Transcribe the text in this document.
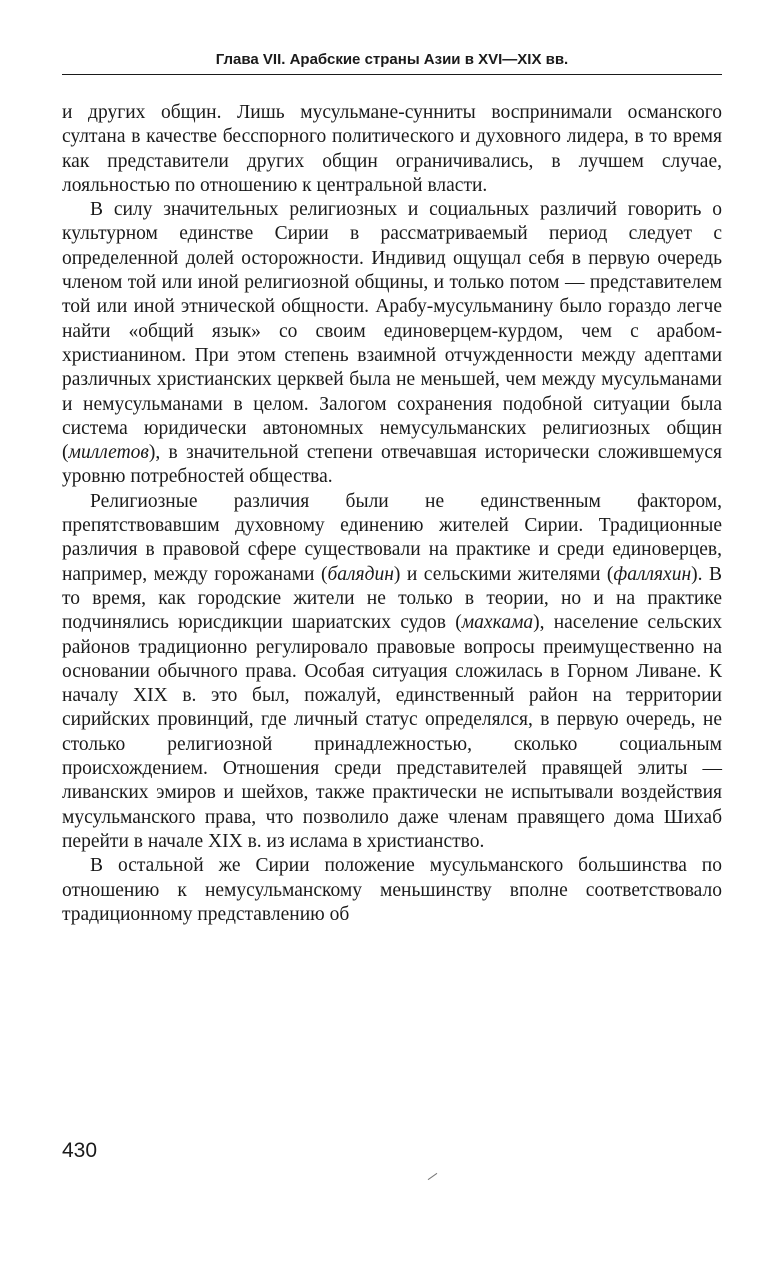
Глава VII. Арабские страны Азии в XVI—XIX вв.

и других общин. Лишь мусульмане-сунниты воспринимали османского султана в качестве бесспорного политического и духовного лидера, в то время как представители других общин ограничивались, в лучшем случае, лояльностью по отношению к центральной власти.

В силу значительных религиозных и социальных различий говорить о культурном единстве Сирии в рассматриваемый период следует с определенной долей осторожности. Индивид ощущал себя в первую очередь членом той или иной религиозной общины, и только потом — представителем той или иной этнической общности. Арабу-мусульманину было гораздо легче найти «общий язык» со своим единоверцем-курдом, чем с арабом-христианином. При этом степень взаимной отчужденности между адептами различных христианских церквей была не меньшей, чем между мусульманами и немусульманами в целом. Залогом сохранения подобной ситуации была система юридически автономных немусульманских религиозных общин (миллетов), в значительной степени отвечавшая исторически сложившемуся уровню потребностей общества.

Религиозные различия были не единственным фактором, препятствовавшим духовному единению жителей Сирии. Традиционные различия в правовой сфере существовали на практике и среди единоверцев, например, между горожанами (балядин) и сельскими жителями (фалляхин). В то время, как городские жители не только в теории, но и на практике подчинялись юрисдикции шариатских судов (махкама), население сельских районов традиционно регулировало правовые вопросы преимущественно на основании обычного права. Особая ситуация сложилась в Горном Ливане. К началу XIX в. это был, пожалуй, единственный район на территории сирийских провинций, где личный статус определялся, в первую очередь, не столько религиозной принадлежностью, сколько социальным происхождением. Отношения среди представителей правящей элиты — ливанских эмиров и шейхов, также практически не испытывали воздействия мусульманского права, что позволило даже членам правящего дома Шихаб перейти в начале XIX в. из ислама в христианство.

В остальной же Сирии положение мусульманского большинства по отношению к немусульманскому меньшинству вполне соответствовало традиционному представлению об

430
